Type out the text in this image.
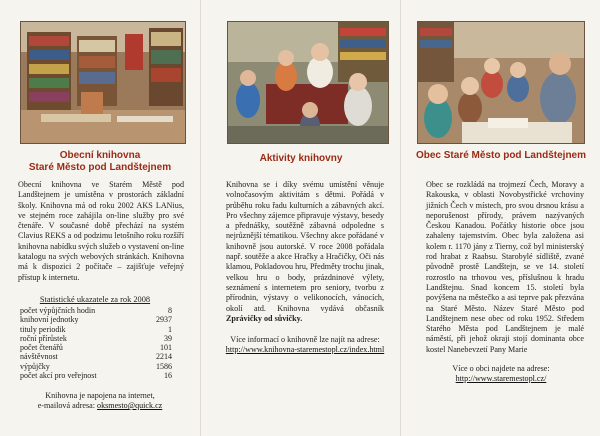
Obecní knihovna
Staré Město pod Landštejnem

Obecní knihovna ve Starém Městě pod Landštejnem je umístěna v prostorách základní školy. Knihovna má od roku 2002 AKS LANius, ve stejném roce zahájila on-line služby pro své čtenáře. V současné době přechází na systém Clavius REKS a od podzimu letošního roku rozšíří knihovna nabídku svých služeb o vystavení on-line katalogu na svých webových stránkách. Knihovna má k dispozici 2 počítače – zajišťuje veřejný přístup k internetu.

Statistické ukazatele za rok 2008
počet výpůjčních hodin	8
knihovní jednotky	2937
tituly periodik	1
roční přírůstek	39
počet čtenářů	101
návštěvnost	2214
výpůjčky	1586
počet akcí pro veřejnost	16
Knihovna je napojena na internet,
e-mailová adresa: oksmesto@quick.cz
Aktivity knihovny

Knihovna se i díky svému umístění věnuje volnočasovým aktivitám s dětmi. Pořádá v průběhu roku řadu kulturních a zábavných akcí. Pro všechny zájemce připravuje výstavy, besedy a přednášky, soutěžně zábavná odpoledne s nejrůznější tématikou. Všechny akce pořádané v knihovně jsou autorské. V roce 2008 pořádala např. soutěže a akce Hračky a Hračičky, Oči nás klamou, Pokladovou hru, Předměty trochu jinak, velkou hru o body, prázdninové výlety, seznámení s internetem pro seniory, tvorbu z přírodnin, výstavy o velikonocích, vánocích, okolí atd. Knihovna vydává občasník Zprávičky od sůvičky.

Více informací o knihovně lze najít na adrese:
http://www.knihovna-staremestopl.cz/index.html
Obec Staré Město pod Landštejnem

Obec se rozkládá na trojmezí Čech, Moravy a Rakouska, v oblasti Novobystřické vrchoviny jižních Čech v místech, pro svou drsnou krásu a neporušenost přírody, právem nazývaných Českou Kanadou. Počátky historie obce jsou zahaleny tajemstvím. Obec byla založena asi kolem r. 1170 jány z Tierny, což byl ministerský rod hrabat z Raabsu. Starobylé sídliště, zvané původně prostě Landštejn, se ve 14. století rozrostlo na trhovou ves, příslušnou k hradu Landštejnu. Snad koncem 15. století byla povýšena na městečko a asi teprve pak přezvána na Staré Město. Název Staré Město pod Landštejnem nese obec od roku 1952. Středem Starého Města pod Landštejnem je malé náměstí, při jehož okraji stojí dominanta obce kostel Nanebevzetí Pany Marie

Více o obci najdete na adrese:
http://www.staremestopl.cz/
